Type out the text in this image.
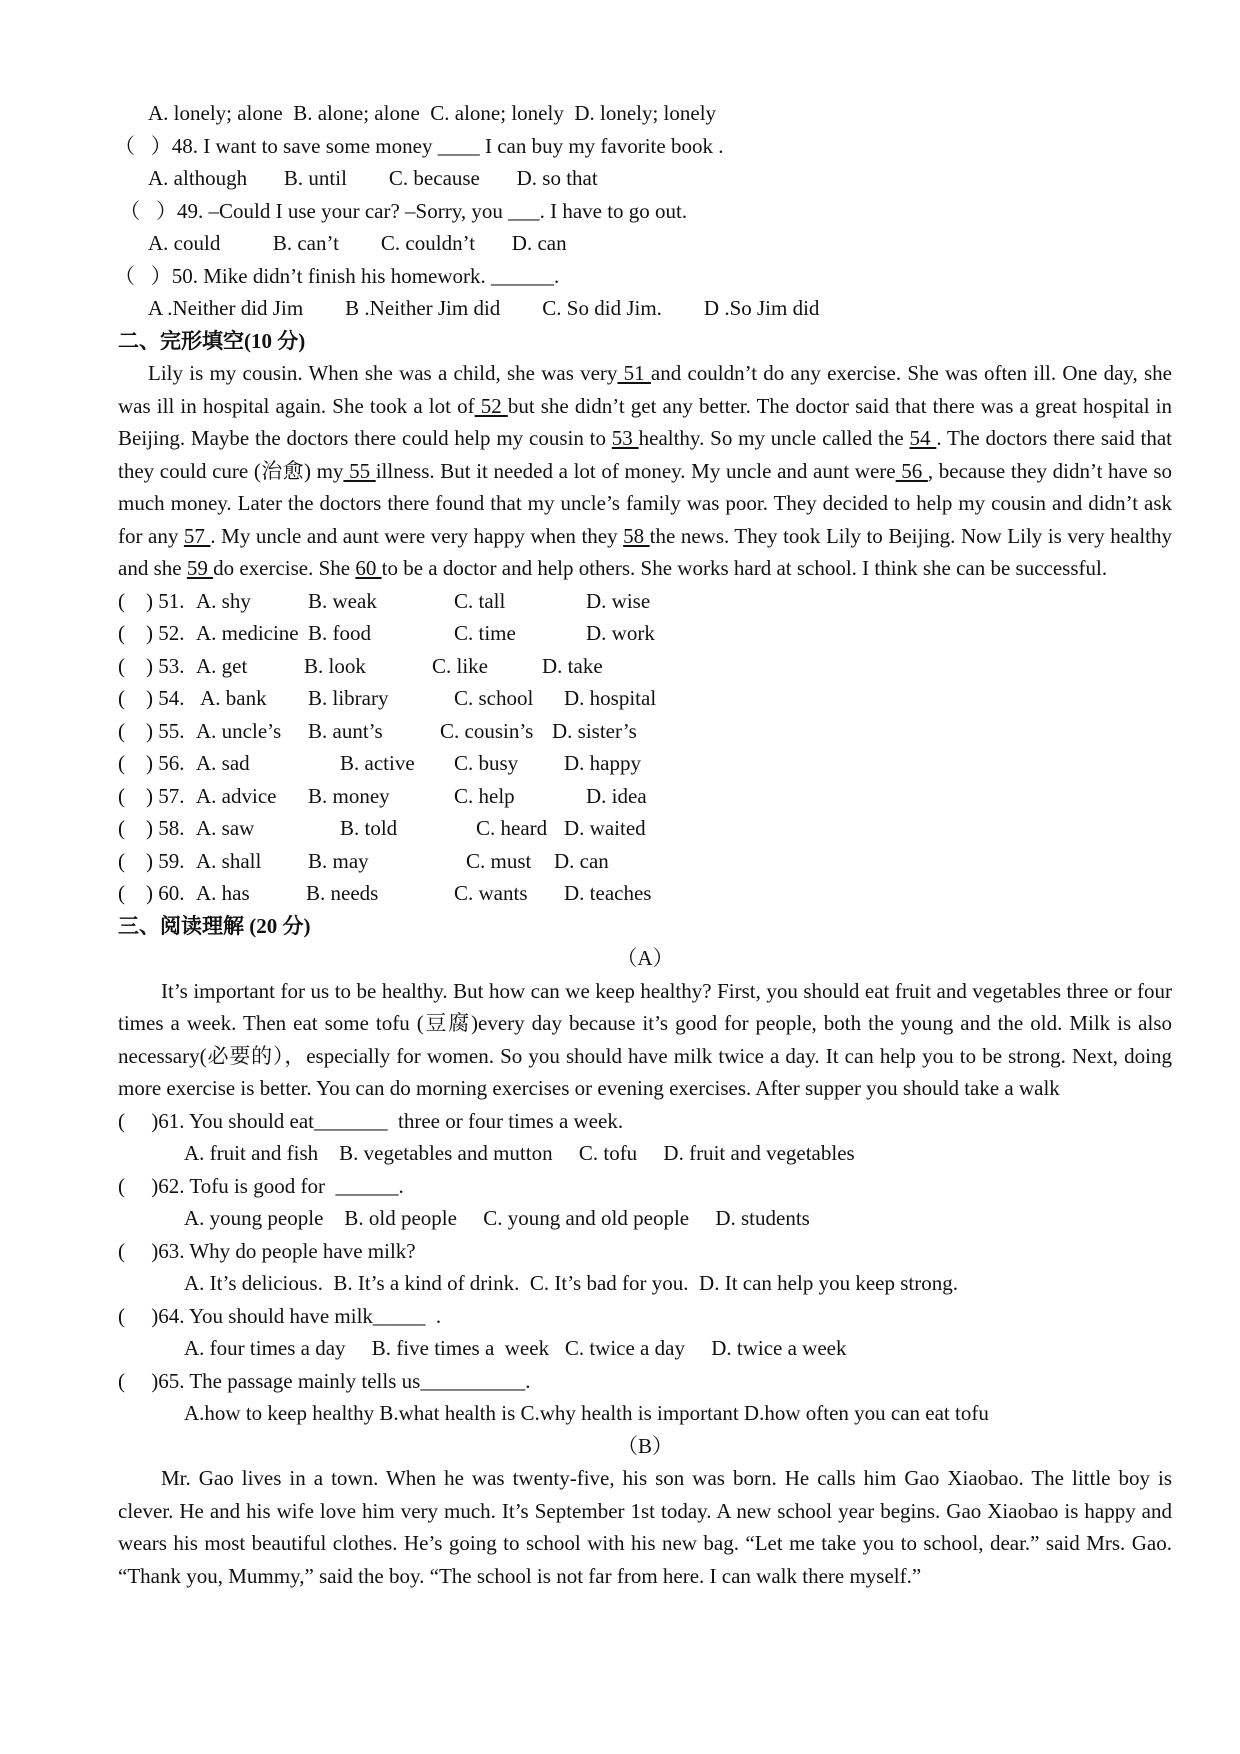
A. lonely; alone  B. alone; alone  C. alone; lonely  D. lonely; lonely
（   ）48. I want to save some money ____ I can buy my favorite book .
A. although       B. until        C. because       D. so that
（   ）49. –Could I use your car? –Sorry, you ___. I have to go out.
A. could          B. can’t        C. couldn’t       D. can
（   ）50. Mike didn’t finish his homework. ______.
A .Neither did Jim        B .Neither Jim did        C. So did Jim.        D .So Jim did
二、完形填空(10 分)
Lily is my cousin. When she was a child, she was very 51 and couldn’t do any exercise. She was often ill. One day, she was ill in hospital again. She took a lot of 52 but she didn’t get any better. The doctor said that there was a great hospital in Beijing. Maybe the doctors there could help my cousin to 53 healthy. So my uncle called the 54 . The doctors there said that they could cure (治愈) my 55 illness. But it needed a lot of money. My uncle and aunt were 56 , because they didn’t have so much money. Later the doctors there found that my uncle’s family was poor. They decided to help my cousin and didn’t ask for any 57 . My uncle and aunt were very happy when they 58 the news. They took Lily to Beijing. Now Lily is very healthy and she 59 do exercise. She 60 to be a doctor and help others. She works hard at school. I think she can be successful.
(    ) 51. A. shy	B. weak	C. tall	D. wise
(    ) 52. A. medicine B. food	C. time	D. work
(    ) 53. A. get	B. look	C. like	D. take
(    ) 54. A. bank	B. library	C. school	D. hospital
(    ) 55. A. uncle’s	B. aunt’s	C. cousin’s D. sister’s
(    ) 56. A. sad	B. active	C. busy	D. happy
(    ) 57. A. advice	B. money	C. help	D. idea
(    ) 58. A. saw	B. told	C. heard D. waited
(    ) 59. A. shall	B. may	C. must	D. can
(    ) 60. A. has	B. needs	C. wants	D. teaches
三、阅读理解 (20 分)
（A）
It’s important for us to be healthy. But how can we keep healthy? First, you should eat fruit and vegetables three or four times a week. Then eat some tofu (豆腐)every day because it’s good for people, both the young and the old. Milk is also necessary(必要的），especially for women. So you should have milk twice a day. It can help you to be strong. Next, doing more exercise is better. You can do morning exercises or evening exercises. After supper you should take a walk
(     )61. You should eat_______  three or four times a week.
A. fruit and fish    B. vegetables and mutton     C. tofu     D. fruit and vegetables
(     )62. Tofu is good for  ______.
A. young people    B. old people     C. young and old people     D. students
(     )63. Why do people have milk?
A. It’s delicious.  B. It’s a kind of drink.  C. It’s bad for you.  D. It can help you keep strong.
(     )64. You should have milk_____  .
A. four times a day     B. five times a  week   C. twice a day     D. twice a week
(     )65. The passage mainly tells us__________.
A.how to keep healthy B.what health is C.why health is important D.how often you can eat tofu
（B）
Mr. Gao lives in a town. When he was twenty-five, his son was born. He calls him Gao Xiaobao. The little boy is clever. He and his wife love him very much. It’s September 1st today. A new school year begins. Gao Xiaobao is happy and wears his most beautiful clothes. He’s going to school with his new bag. “Let me take you to school, dear.” said Mrs. Gao. “Thank you, Mummy,” said the boy. “The school is not far from here. I can walk there myself.”
